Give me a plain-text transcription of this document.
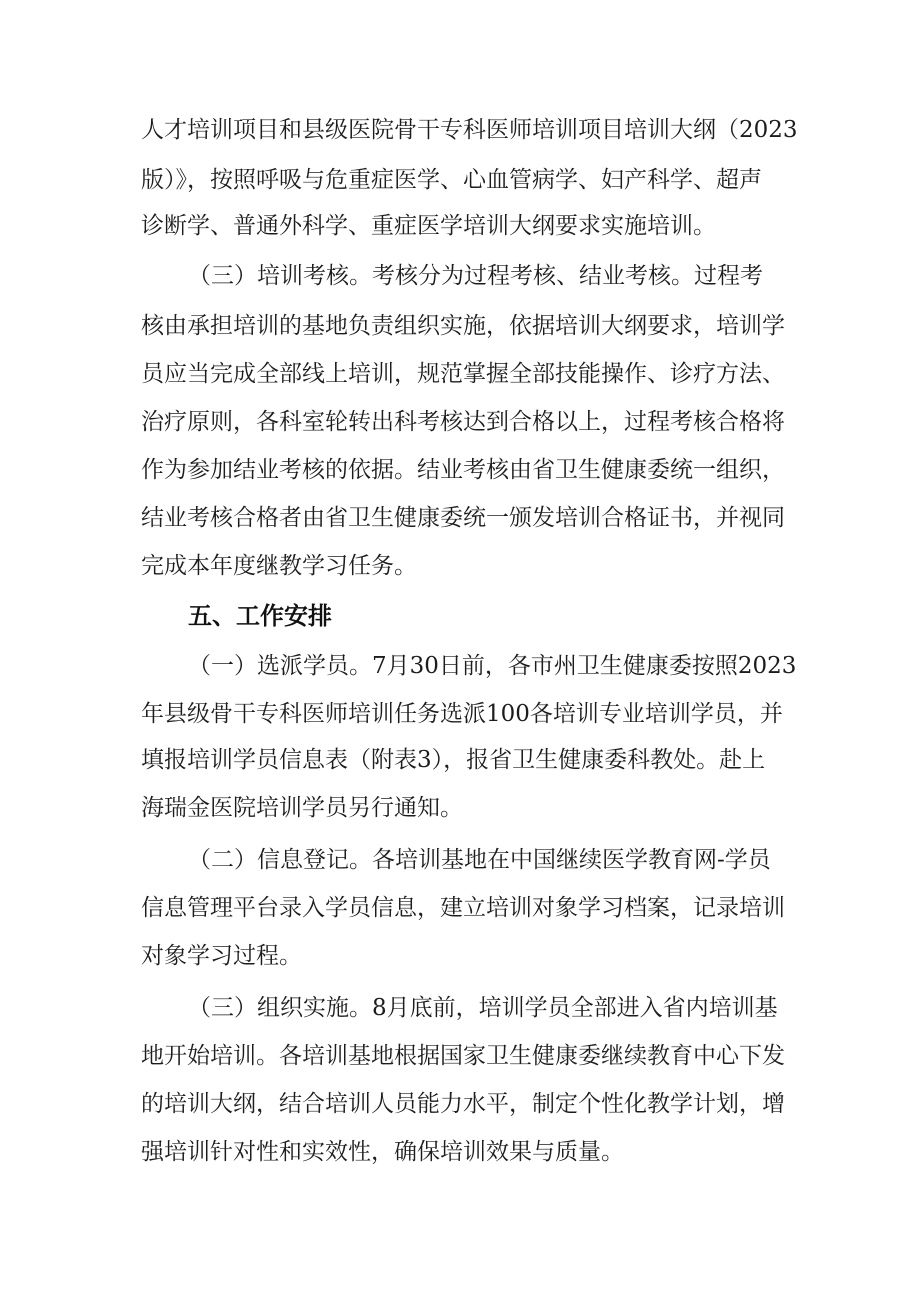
人才培训项目和县级医院骨干专科医师培训项目培训大纲（2023

版）》，按照呼吸与危重症医学、心血管病学、妇产科学、超声

诊断学、普通外科学、重症医学培训大纲要求实施培训。

（三）培训考核。考核分为过程考核、结业考核。过程考

核由承担培训的基地负责组织实施，依据培训大纲要求，培训学

员应当完成全部线上培训，规范掌握全部技能操作、诊疗方法、

治疗原则，各科室轮转出科考核达到合格以上，过程考核合格将

作为参加结业考核的依据。结业考核由省卫生健康委统一组织，

结业考核合格者由省卫生健康委统一颁发培训合格证书，并视同

完成本年度继教学习任务。

五、工作安排

（一）选派学员。7月30日前，各市州卫生健康委按照2023

年县级骨干专科医师培训任务选派100各培训专业培训学员，并

填报培训学员信息表（附表3），报省卫生健康委科教处。赴上

海瑞金医院培训学员另行通知。

（二）信息登记。各培训基地在中国继续医学教育网-学员

信息管理平台录入学员信息，建立培训对象学习档案，记录培训

对象学习过程。

（三）组织实施。8月底前，培训学员全部进入省内培训基

地开始培训。各培训基地根据国家卫生健康委继续教育中心下发

的培训大纲，结合培训人员能力水平，制定个性化教学计划，增

强培训针对性和实效性，确保培训效果与质量。
